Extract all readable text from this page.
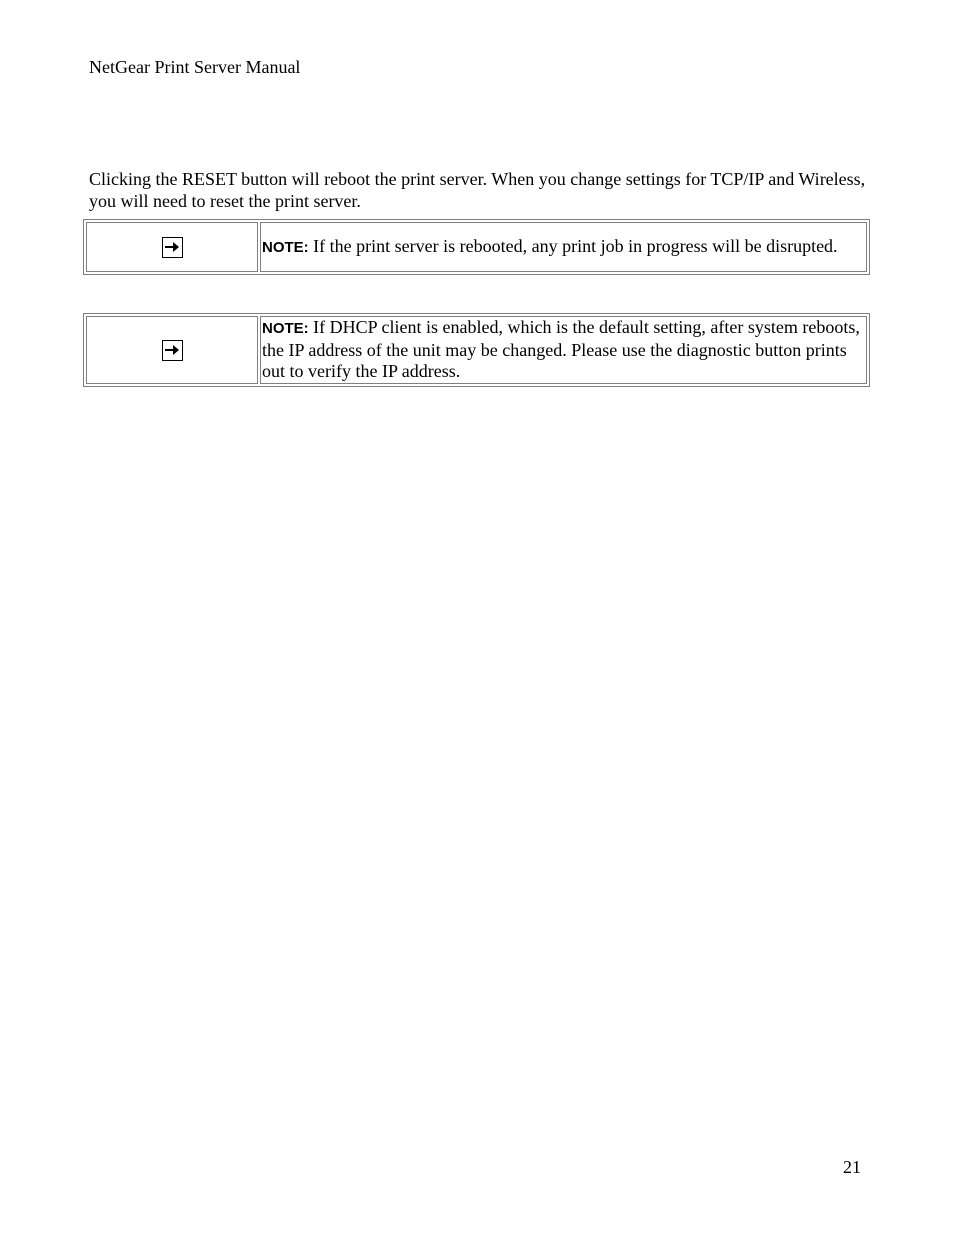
NetGear Print Server Manual

Clicking the RESET button will reboot the print server. When you change settings for TCP/IP and Wireless, you will need to reset the print server.

	NOTE: If the print server is rebooted, any print job in progress will be disrupted.
	NOTE: If DHCP client is enabled, which is the default setting, after system reboots, the IP address of the unit may be changed. Please use the diagnostic button prints out to verify the IP address.
21
